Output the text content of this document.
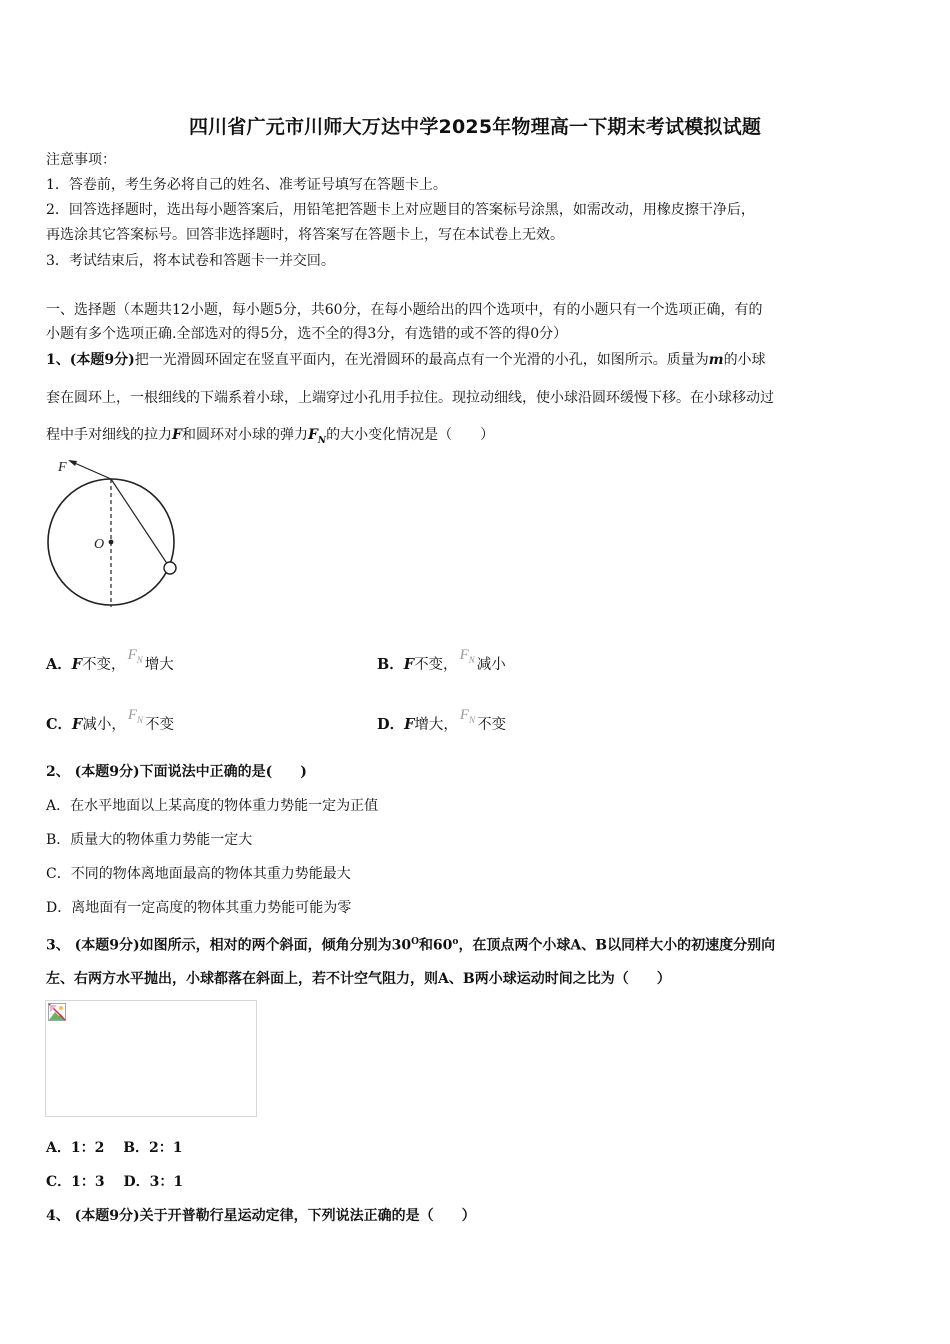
四川省广元市川师大万达中学2025年物理高一下期末考试模拟试题
注意事项：
1．答卷前，考生务必将自己的姓名、准考证号填写在答题卡上。
2．回答选择题时，选出每小题答案后，用铅笔把答题卡上对应题目的答案标号涂黑，如需改动，用橡皮擦干净后，
再选涂其它答案标号。回答非选择题时，将答案写在答题卡上，写在本试卷上无效。
3．考试结束后，将本试卷和答题卡一并交回。
一、选择题（本题共12小题，每小题5分，共60分，在每小题给出的四个选项中，有的小题只有一个选项正确，有的
小题有多个选项正确.全部选对的得5分，选不全的得3分，有选错的或不答的得0分）
1、(本题9分)把一光滑圆环固定在竖直平面内，在光滑圆环的最高点有一个光滑的小孔，如图所示。质量为m的小球
套在圆环上，一根细线的下端系着小球，上端穿过小孔用手拉住。现拉动细线，使小球沿圆环缓慢下移。在小球移动过
程中手对细线的拉力F和圆环对小球的弹力$F_N$的大小变化情况是（　　）
F
O
A．F不变，$F_N$ 增大	B．F不变，$F_N$ 减小
C．F减小，$F_N$ 不变	D．F增大，$F_N$ 不变
2、 (本题9分)下面说法中正确的是(　　)
A．在水平地面以上某高度的物体重力势能一定为正值
B．质量大的物体重力势能一定大
C．不同的物体离地面最高的物体其重力势能最大
D．离地面有一定高度的物体其重力势能可能为零
3、 (本题9分)如图所示，相对的两个斜面，倾角分别为$30^O$和60$^o$，在顶点两个小球A、B以同样大小的初速度分别向
左、右两方水平抛出，小球都落在斜面上，若不计空气阻力，则A、B两小球运动时间之比为（　　）
A．1：2　 B．2：1
C．1：3　 D．3：1
4、 (本题9分)关于开普勒行星运动定律，下列说法正确的是（　　）
